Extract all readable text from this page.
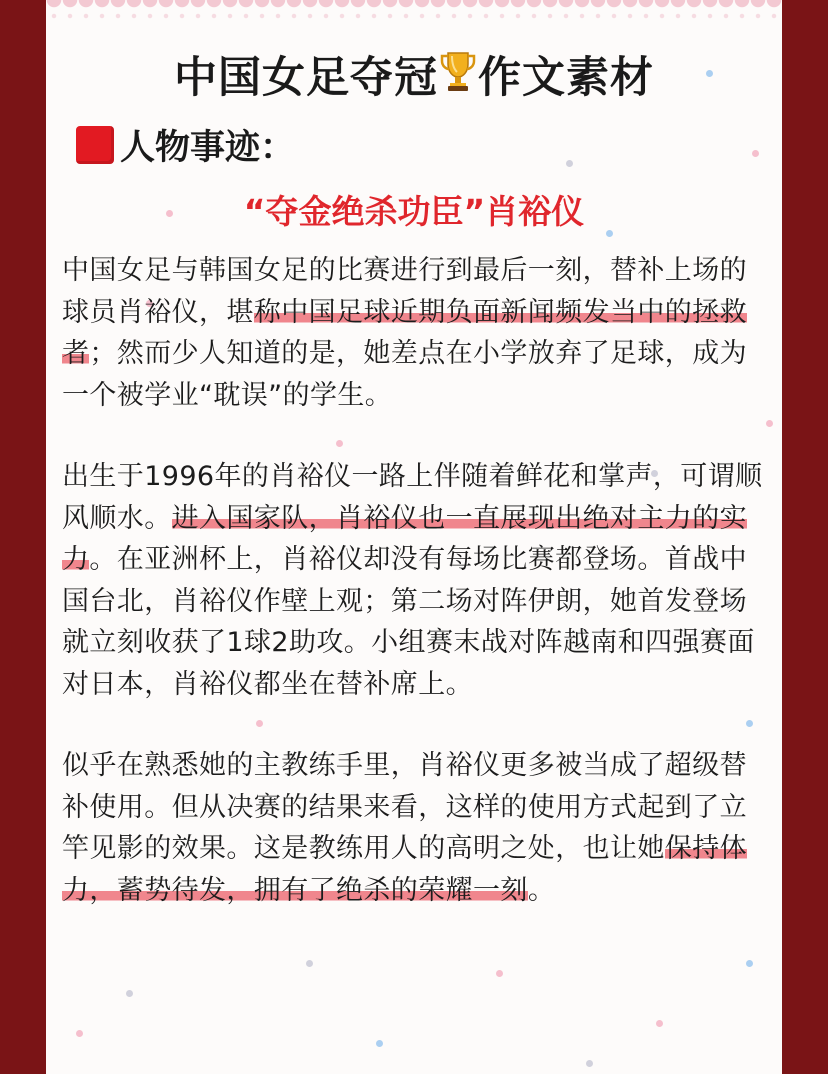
中国女足夺冠 作文素材
人物事迹：
“夺金绝杀功臣”肖裕仪

中国女足与韩国女足的比赛进行到最后一刻，替补上场的球员肖裕仪，堪称中国足球近期负面新闻频发当中的拯救者；然而少人知道的是，她差点在小学放弃了足球，成为一个被学业“耽误”的学生。

出生于1996年的肖裕仪一路上伴随着鲜花和掌声，可谓顺风顺水。进入国家队，肖裕仪也一直展现出绝对主力的实力。在亚洲杯上，肖裕仪却没有每场比赛都登场。首战中国台北，肖裕仪作壁上观；第二场对阵伊朗，她首发登场就立刻收获了1球2助攻。小组赛末战对阵越南和四强赛面对日本，肖裕仪都坐在替补席上。

似乎在熟悉她的主教练手里，肖裕仪更多被当成了超级替补使用。但从决赛的结果来看，这样的使用方式起到了立竿见影的效果。这是教练用人的高明之处，也让她保持体力，蓄势待发，拥有了绝杀的荣耀一刻。
